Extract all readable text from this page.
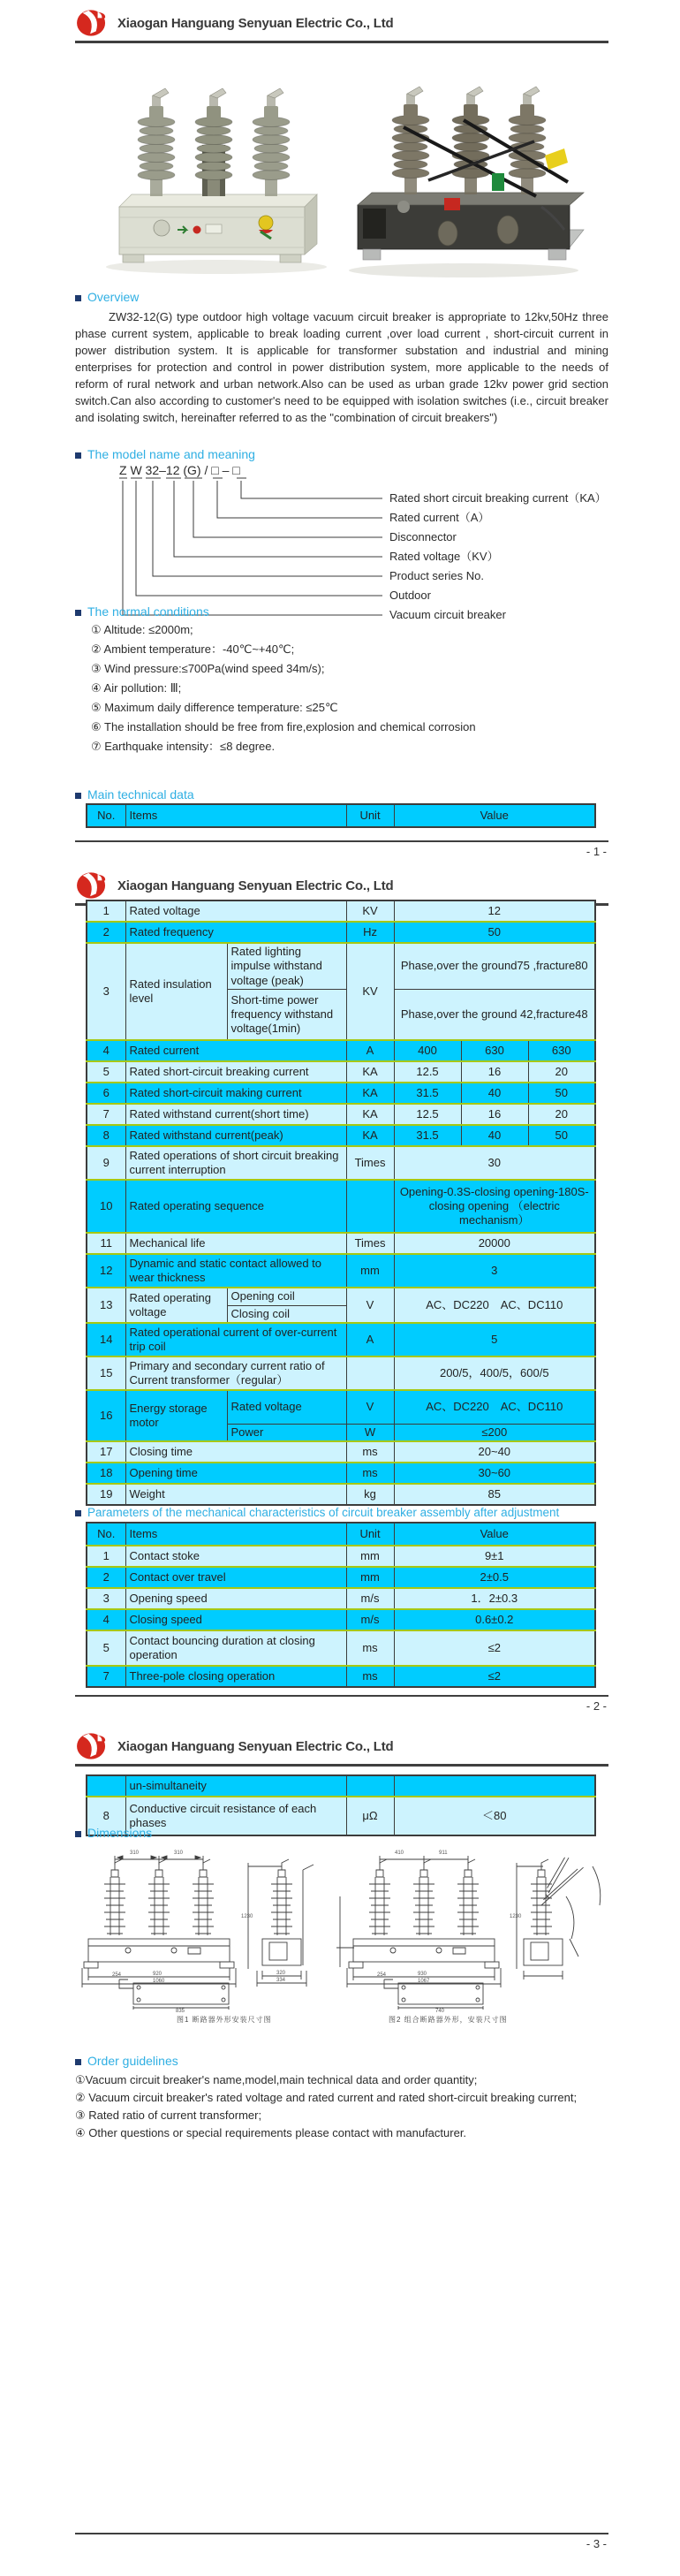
Xiaogan Hanguang Senyuan Electric Co., Ltd
Overview
ZW32-12(G) type outdoor high voltage vacuum circuit breaker is appropriate to 12kv,50Hz three phase current system, applicable to break loading current ,over load current , short-circuit current in power distribution system. It is applicable for transformer substation and industrial and mining enterprises for protection and control in power distribution system, more applicable to the needs of reform of rural network and urban network.Also can be used as urban grade 12kv power grid section switch.Can also according to customer's need to be equipped with isolation switches (i.e., circuit breaker and isolating switch, hereinafter referred to as the "combination of circuit breakers")
The model name and meaning
Z W 32–12 (G) / □ – □
Rated short circuit breaking current（KA）
Rated current（A）
Disconnector
Rated voltage（KV）
Product series No.
Outdoor
Vacuum circuit breaker
The normal conditions
① Altitude: ≤2000m;
② Ambient temperature：-40℃~+40℃;
③ Wind pressure:≤700Pa(wind speed 34m/s);
④ Air pollution: Ⅲ;
⑤ Maximum daily difference temperature: ≤25℃
⑥ The installation should be free from fire,explosion and chemical corrosion
⑦ Earthquake intensity：≤8 degree.
Main technical data
No.	Items	Unit	Value
- 1 -
Xiaogan Hanguang Senyuan Electric Co., Ltd
1	Rated voltage		KV	12		
2	Rated frequency		Hz	50		
3	Rated insulation level	Rated lighting impulse withstand voltage (peak)	KV	Phase,over the ground75 ,fracture80		
		Short-time power frequency withstand voltage(1min)		Phase,over the ground 42,fracture48		
4	Rated current		A	400	630	630
5	Rated short-circuit breaking current		KA	12.5	16	20
6	Rated short-circuit making current		KA	31.5	40	50
7	Rated withstand current(short time)		KA	12.5	16	20
8	Rated withstand current(peak)		KA	31.5	40	50
9	Rated operations of short circuit breaking current interruption		Times	30		
10	Rated operating sequence			Opening-0.3S-closing opening-180S-closing opening （electric mechanism）		
11	Mechanical life		Times	20000		
12	Dynamic and static contact allowed to wear thickness		mm	3		
13	Rated operating voltage	Opening coil	V	AC、DC220　AC、DC110		
		Closing coil				
14	Rated operational current of over-current trip coil		A	5		
15	Primary and secondary current ratio of Current transformer（regular）			200/5，400/5，600/5		
16	Energy storage motor	Rated voltage	V	AC、DC220　AC、DC110		
		Power	W	≤200		
17	Closing time		ms	20~40		
18	Opening time		ms	30~60		
19	Weight		kg	85		
Parameters of the mechanical characteristics of circuit breaker assembly after adjustment
No.	Items	Unit	Value
1	Contact stoke	mm	9±1
2	Contact over travel	mm	2±0.5
3	Opening speed	m/s	1．2±0.3
4	Closing speed	m/s	0.6±0.2
5	Contact bouncing duration at closing operation	ms	≤2
7	Three-pole closing operation	ms	≤2
- 2 -
Xiaogan Hanguang Senyuan Electric Co., Ltd
	un-simultaneity		
8	Conductive circuit resistance of each phases	μΩ	＜80
Dimensions
310	310
920
1060
1230
320
334
835
254
410	911
930
1067
1230
740
254
图1 断路器外形安装尺寸图	图2 组合断路器外形，安装尺寸图
Order guidelines
①Vacuum circuit breaker's name,model,main technical data and order quantity;
② Vacuum circuit breaker's rated voltage and rated current and rated short-circuit breaking current;
③ Rated ratio of current transformer;
④ Other questions or special requirements please contact with manufacturer.
- 3 -
